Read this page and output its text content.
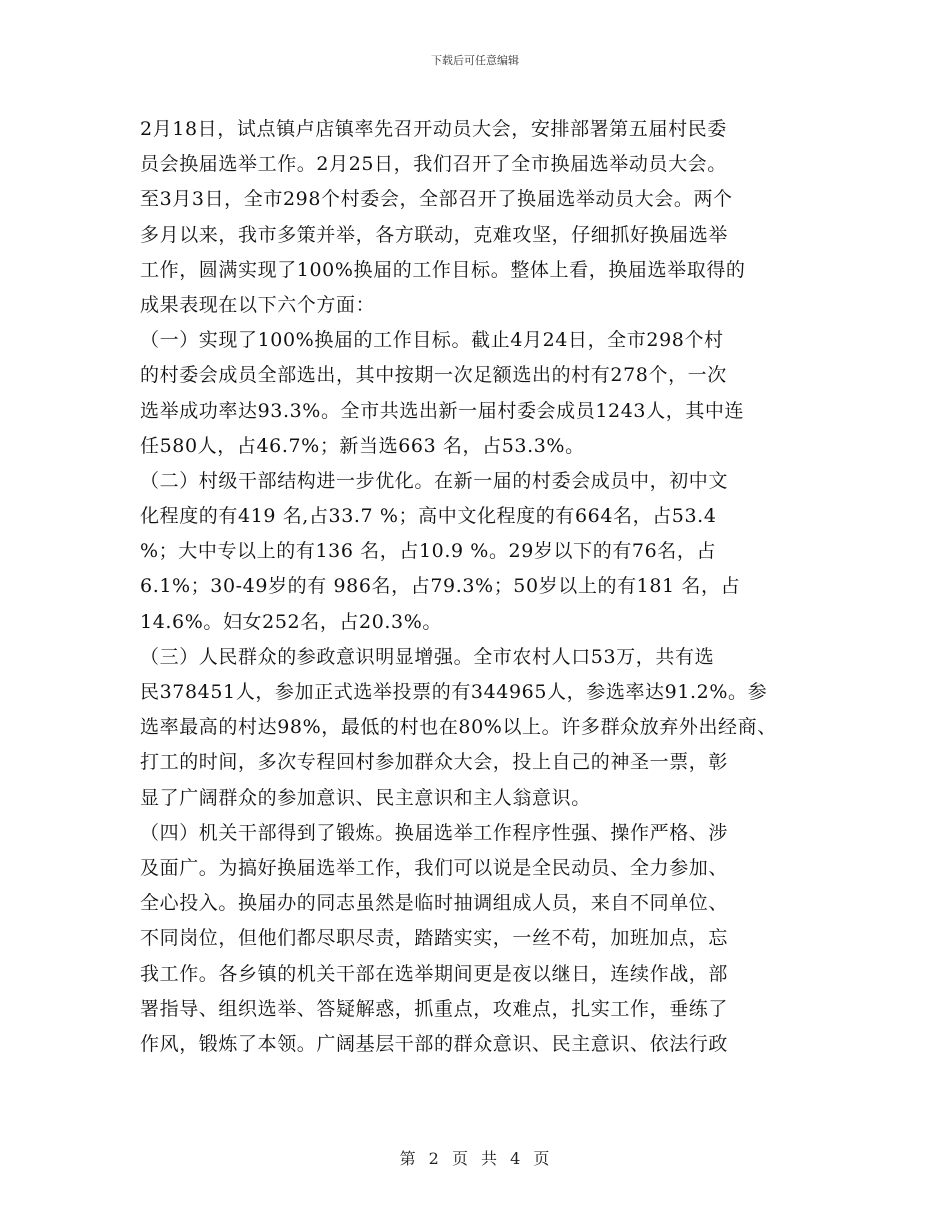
下载后可任意编辑
2月18日，试点镇卢店镇率先召开动员大会，安排部署第五届村民委
员会换届选举工作。2月25日，我们召开了全市换届选举动员大会。
至3月3日，全市298个村委会，全部召开了换届选举动员大会。两个
多月以来，我市多策并举，各方联动，克难攻坚，仔细抓好换届选举
工作，圆满实现了100%换届的工作目标。整体上看，换届选举取得的
成果表现在以下六个方面：
（一）实现了100%换届的工作目标。截止4月24日，全市298个村
的村委会成员全部选出，其中按期一次足额选出的村有278个，一次
选举成功率达93.3%。全市共选出新一届村委会成员1243人，其中连
任580人，占46.7%；新当选663 名，占53.3%。
（二）村级干部结构进一步优化。在新一届的村委会成员中，初中文
化程度的有419 名,占33.7 %；高中文化程度的有664名，占53.4
%；大中专以上的有136 名，占10.9 %。29岁以下的有76名，占
6.1%；30-49岁的有 986名，占79.3%；50岁以上的有181 名，占
14.6%。妇女252名，占20.3%。
（三）人民群众的参政意识明显增强。全市农村人口53万，共有选
民378451人，参加正式选举投票的有344965人，参选率达91.2%。参
选率最高的村达98%，最低的村也在80%以上。许多群众放弃外出经商、
打工的时间，多次专程回村参加群众大会，投上自己的神圣一票，彰
显了广阔群众的参加意识、民主意识和主人翁意识。
（四）机关干部得到了锻炼。换届选举工作程序性强、操作严格、涉
及面广。为搞好换届选举工作，我们可以说是全民动员、全力参加、
全心投入。换届办的同志虽然是临时抽调组成人员，来自不同单位、
不同岗位，但他们都尽职尽责，踏踏实实，一丝不苟，加班加点，忘
我工作。各乡镇的机关干部在选举期间更是夜以继日，连续作战，部
署指导、组织选举、答疑解惑，抓重点，攻难点，扎实工作，垂练了
作风，锻炼了本领。广阔基层干部的群众意识、民主意识、依法行政
第 2 页 共 4 页
